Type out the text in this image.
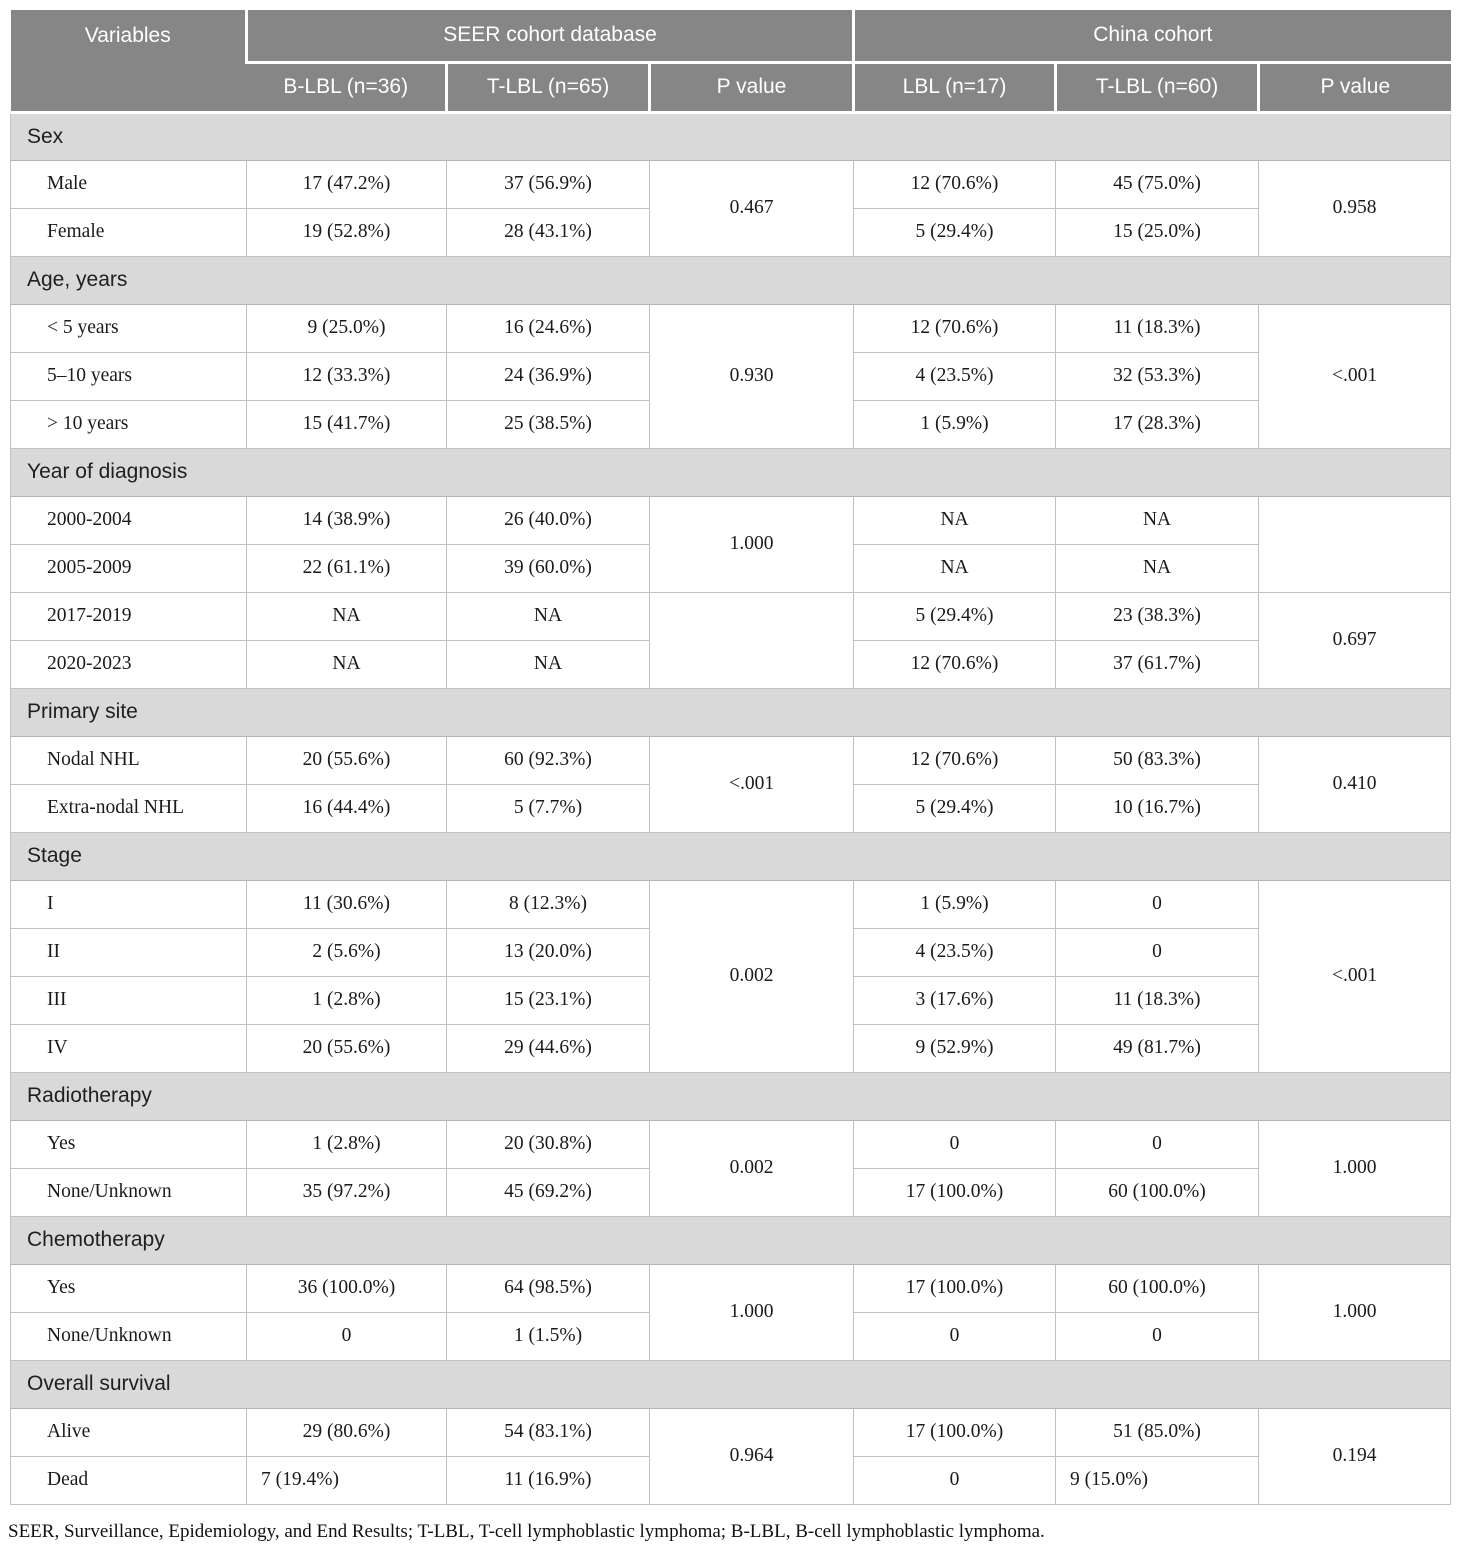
Variables	SEER cohort database			China cohort		
	B-LBL (n=36)	T-LBL (n=65)	P value	LBL (n=17)	T-LBL (n=60)	P value
Sex						
Male	17 (47.2%)	37 (56.9%)	0.467	12 (70.6%)	45 (75.0%)	0.958
Female	19 (52.8%)	28 (43.1%)		5 (29.4%)	15 (25.0%)	
Age, years						
< 5 years	9 (25.0%)	16 (24.6%)	0.930	12 (70.6%)	11 (18.3%)	<.001
5–10 years	12 (33.3%)	24 (36.9%)		4 (23.5%)	32 (53.3%)	
> 10 years	15 (41.7%)	25 (38.5%)		1 (5.9%)	17 (28.3%)	
Year of diagnosis						
2000-2004	14 (38.9%)	26 (40.0%)	1.000	NA	NA	
2005-2009	22 (61.1%)	39 (60.0%)		NA	NA	
2017-2019	NA	NA		5 (29.4%)	23 (38.3%)	0.697
2020-2023	NA	NA		12 (70.6%)	37 (61.7%)	
Primary site						
Nodal NHL	20 (55.6%)	60 (92.3%)	<.001	12 (70.6%)	50 (83.3%)	0.410
Extra-nodal NHL	16 (44.4%)	5 (7.7%)		5 (29.4%)	10 (16.7%)	
Stage						
I	11 (30.6%)	8 (12.3%)	0.002	1 (5.9%)	0	<.001
II	2 (5.6%)	13 (20.0%)		4 (23.5%)	0	
III	1 (2.8%)	15 (23.1%)		3 (17.6%)	11 (18.3%)	
IV	20 (55.6%)	29 (44.6%)		9 (52.9%)	49 (81.7%)	
Radiotherapy						
Yes	1 (2.8%)	20 (30.8%)	0.002	0	0	1.000
None/Unknown	35 (97.2%)	45 (69.2%)		17 (100.0%)	60 (100.0%)	
Chemotherapy						
Yes	36 (100.0%)	64 (98.5%)	1.000	17 (100.0%)	60 (100.0%)	1.000
None/Unknown	0	1 (1.5%)		0	0	
Overall survival						
Alive	29 (80.6%)	54 (83.1%)	0.964	17 (100.0%)	51 (85.0%)	0.194
Dead	7 (19.4%)	11 (16.9%)		0	9 (15.0%)	
SEER, Surveillance, Epidemiology, and End Results; T-LBL, T-cell lymphoblastic lymphoma; B-LBL, B-cell lymphoblastic lymphoma.
